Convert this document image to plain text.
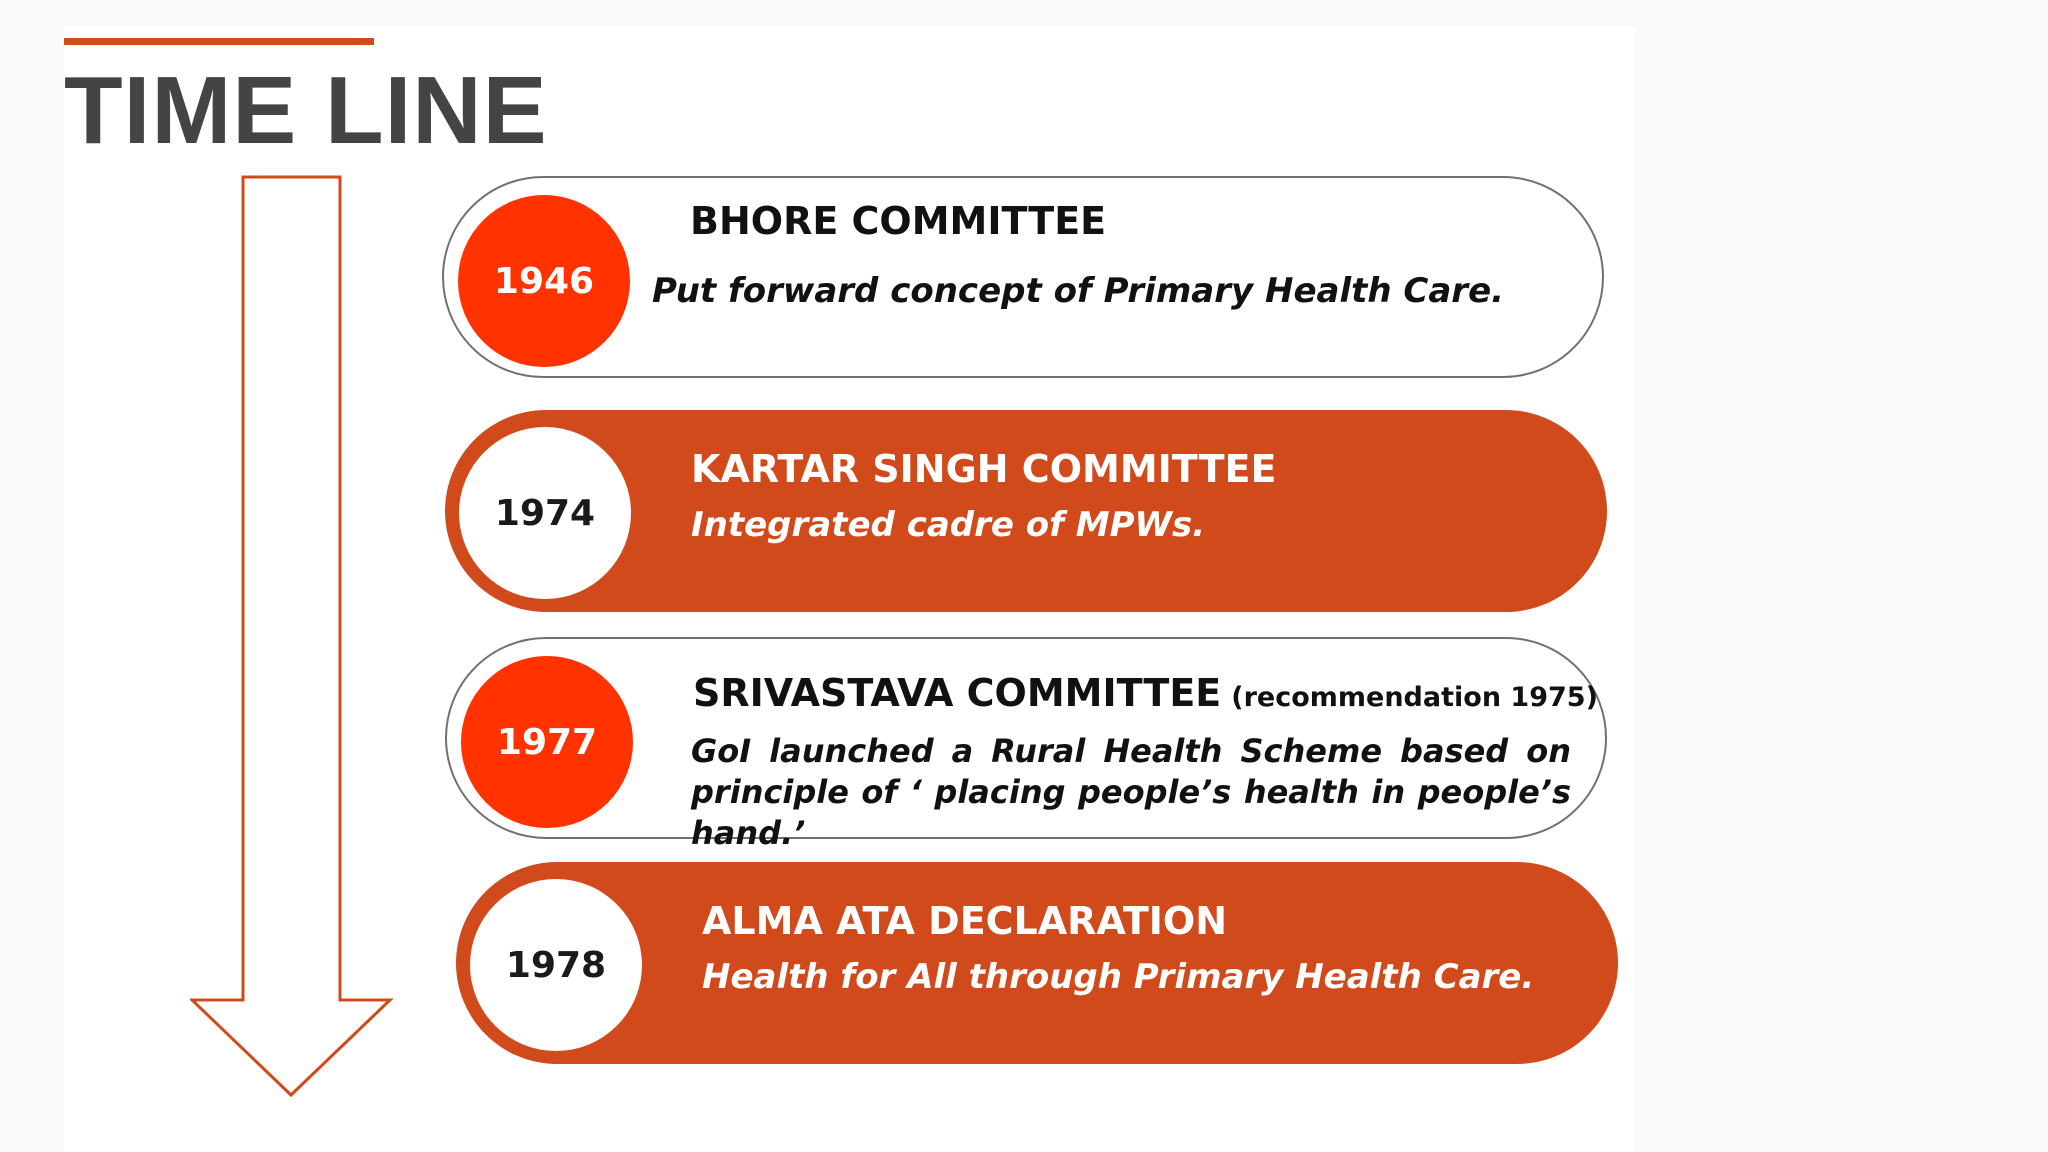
TIME LINE
1946
BHORE COMMITTEE
Put forward concept of Primary Health Care.
1974
KARTAR SINGH COMMITTEE
Integrated cadre of MPWs.
1977
SRIVASTAVA COMMITTEE (recommendation 1975)
GoI launched a Rural Health Scheme based on principle of ‘ placing people’s health in people’s hand.’
1978
ALMA ATA DECLARATION
Health for All through Primary Health Care.
